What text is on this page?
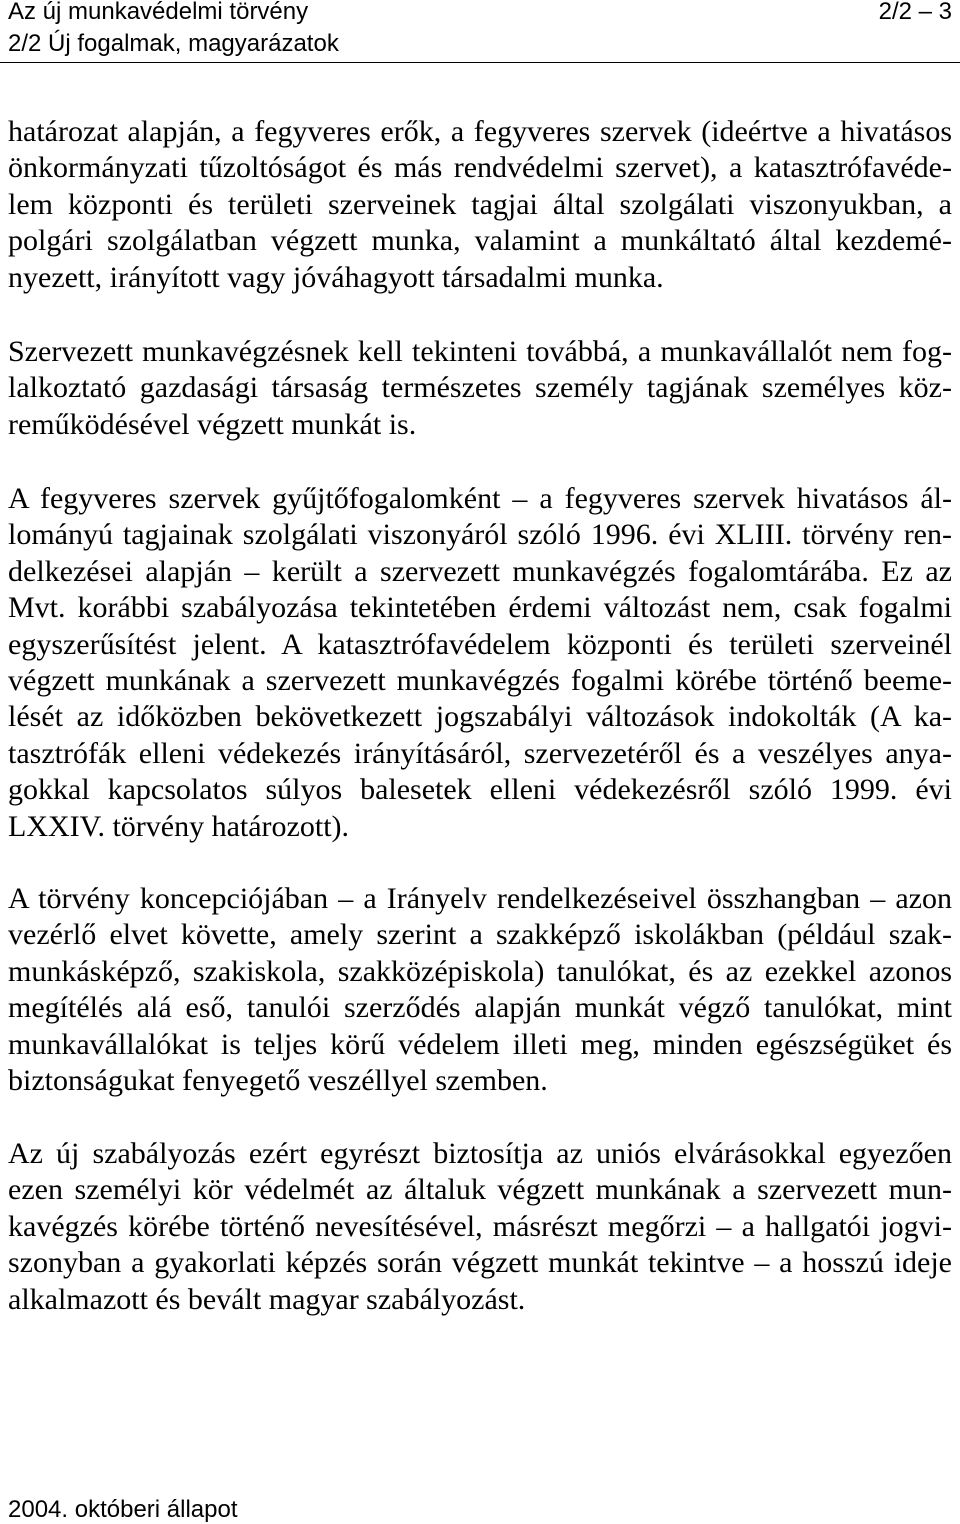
Az új munkavédelmi törvény	2/2 – 3
2/2 Új fogalmak, magyarázatok
határozat alapján, a fegyveres erők, a fegyveres szervek (ideértve a hivatásos
önkormányzati tűzoltóságot és más rendvédelmi szervet), a katasztrófavéde-
lem központi és területi szerveinek tagjai által szolgálati viszonyukban, a
polgári szolgálatban végzett munka, valamint a munkáltató által kezdemé-
nyezett, irányított vagy jóváhagyott társadalmi munka.
Szervezett munkavégzésnek kell tekinteni továbbá, a munkavállalót nem fog-
lalkoztató gazdasági társaság természetes személy tagjának személyes köz-
reműködésével végzett munkát is.
A fegyveres szervek gyűjtőfogalomként – a fegyveres szervek hivatásos ál-
lományú tagjainak szolgálati viszonyáról szóló 1996. évi XLIII. törvény ren-
delkezései alapján – került a szervezett munkavégzés fogalomtárába. Ez az
Mvt. korábbi szabályozása tekintetében érdemi változást nem, csak fogalmi
egyszerűsítést jelent. A katasztrófavédelem központi és területi szerveinél
végzett munkának a szervezett munkavégzés fogalmi körébe történő beeme-
lését az időközben bekövetkezett jogszabályi változások indokolták (A ka-
tasztrófák elleni védekezés irányításáról, szervezetéről és a veszélyes anya-
gokkal kapcsolatos súlyos balesetek elleni védekezésről szóló 1999. évi
LXXIV. törvény határozott).
A törvény koncepciójában – a Irányelv rendelkezéseivel összhangban – azon
vezérlő elvet követte, amely szerint a szakképző iskolákban (például szak-
munkásképző, szakiskola, szakközépiskola) tanulókat, és az ezekkel azonos
megítélés alá eső, tanulói szerződés alapján munkát végző tanulókat, mint
munkavállalókat is teljes körű védelem illeti meg, minden egészségüket és
biztonságukat fenyegető veszéllyel szemben.
Az új szabályozás ezért egyrészt biztosítja az uniós elvárásokkal egyezően
ezen személyi kör védelmét az általuk végzett munkának a szervezett mun-
kavégzés körébe történő nevesítésével, másrészt megőrzi – a hallgatói jogvi-
szonyban a gyakorlati képzés során végzett munkát tekintve – a hosszú ideje
alkalmazott és bevált magyar szabályozást.
2004. októberi állapot
